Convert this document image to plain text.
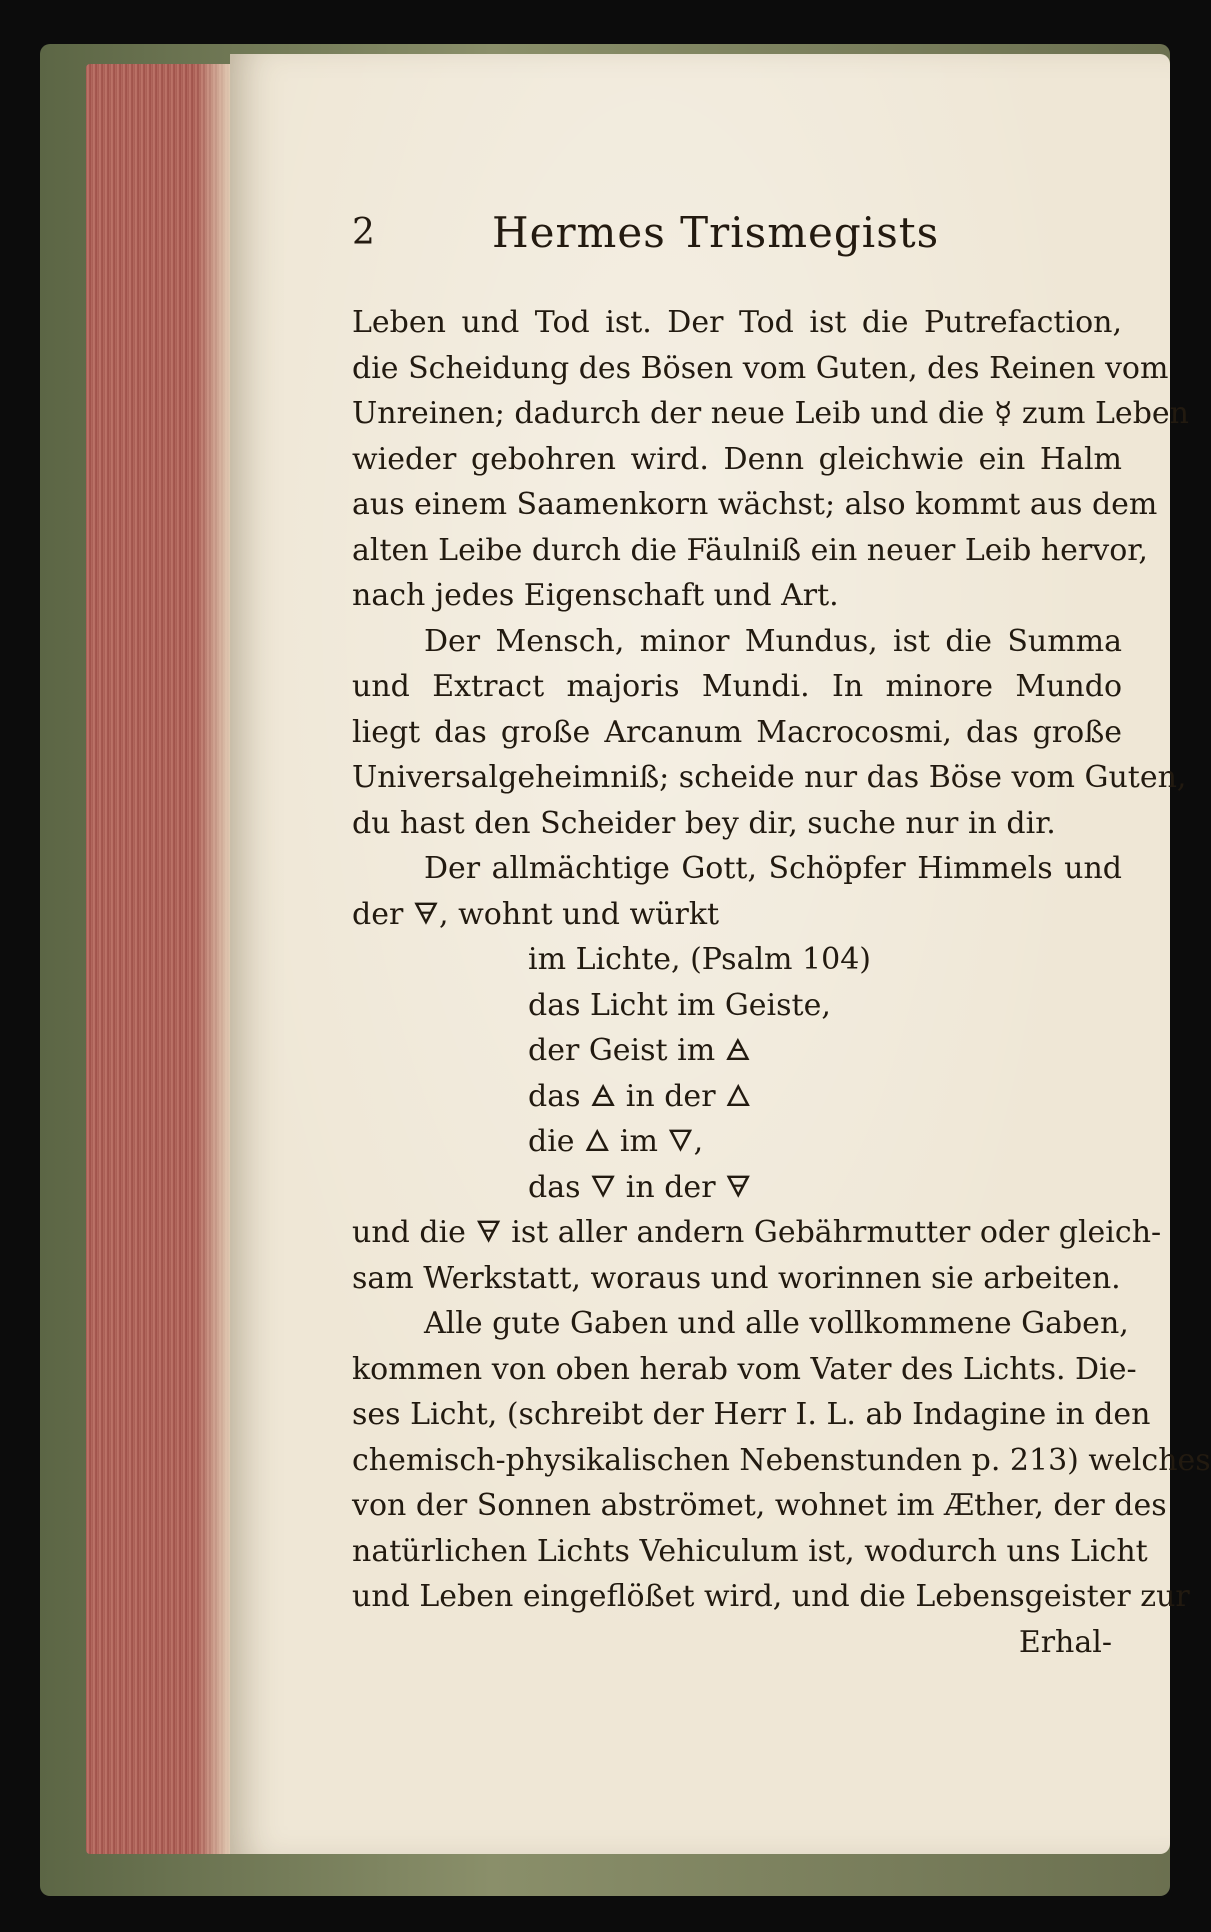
2	Hermes Trismegists
Leben und Tod ist. Der Tod ist die Putrefaction,
die Scheidung des Bösen vom Guten, des Reinen vom
Unreinen; dadurch der neue Leib und die ☿ zum Leben
wieder gebohren wird. Denn gleichwie ein Halm
aus einem Saamenkorn wächst; also kommt aus dem
alten Leibe durch die Fäulniß ein neuer Leib hervor,
nach jedes Eigenschaft und Art.
Der Mensch, minor Mundus, ist die Summa
und Extract majoris Mundi. In minore Mundo
liegt das große Arcanum Macrocosmi, das große
Universalgeheimniß; scheide nur das Böse vom Guten,
du hast den Scheider bey dir, suche nur in dir.
Der allmächtige Gott, Schöpfer Himmels und
der 🜃, wohnt und würkt
im Lichte, (Psalm 104)
das Licht im Geiste,
der Geist im 🜁
das 🜁 in der 🜂
die 🜂 im 🜄,
das 🜄 in der 🜃
und die 🜃 ist aller andern Gebährmutter oder gleich-
sam Werkstatt, woraus und worinnen sie arbeiten.
Alle gute Gaben und alle vollkommene Gaben,
kommen von oben herab vom Vater des Lichts. Die-
ses Licht, (schreibt der Herr I. L. ab Indagine in den
chemisch-physikalischen Nebenstunden p. 213) welches
von der Sonnen abströmet, wohnet im Æther, der des
natürlichen Lichts Vehiculum ist, wodurch uns Licht
und Leben eingeflößet wird, und die Lebensgeister zur
Erhal-
